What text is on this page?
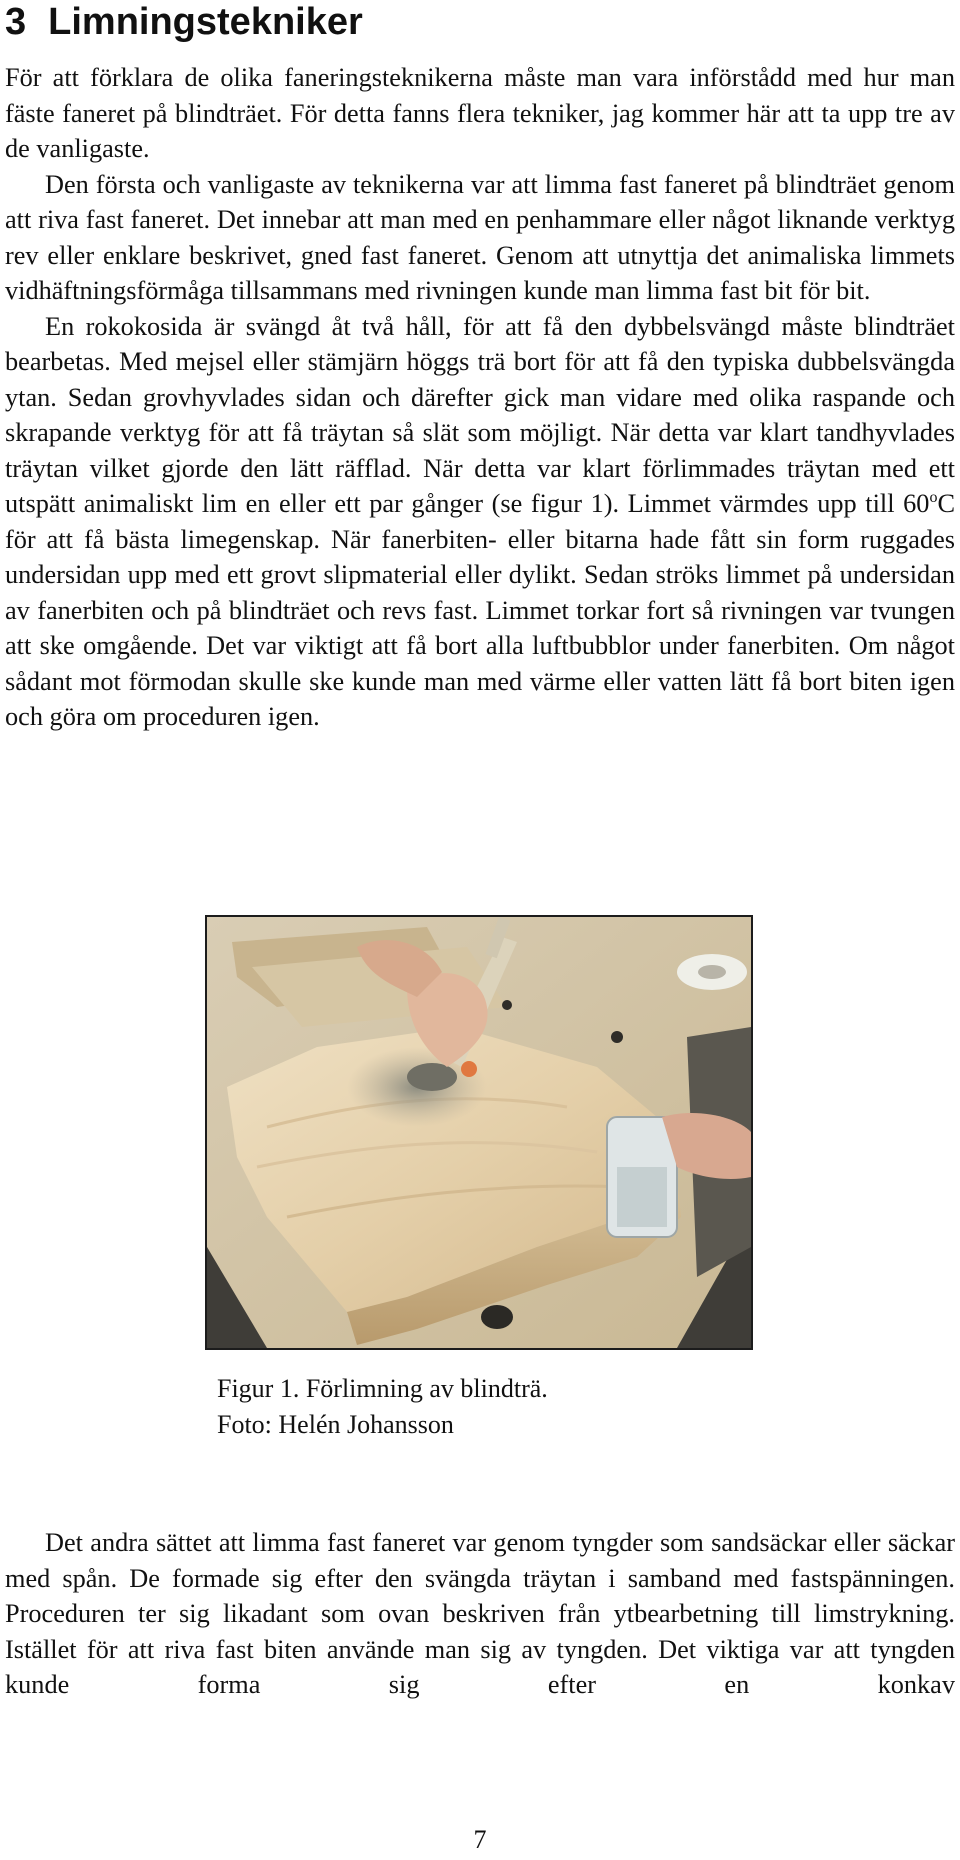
3 Limningstekniker

För att förklara de olika faneringsteknikerna måste man vara införstådd med hur man fäste faneret på blindträet. För detta fanns flera tekniker, jag kommer här att ta upp tre av de vanligaste.

Den första och vanligaste av teknikerna var att limma fast faneret på blindträet genom att riva fast faneret. Det innebar att man med en penhammare eller något liknande verktyg rev eller enklare beskrivet, gned fast faneret. Genom att utnyttja det animaliska limmets vidhäftningsförmåga tillsammans med rivningen kunde man limma fast bit för bit.

En rokokosida är svängd åt två håll, för att få den dybbelsvängd måste blindträet bearbetas. Med mejsel eller stämjärn höggs trä bort för att få den typiska dubbelsvängda ytan. Sedan grovhyvlades sidan och därefter gick man vidare med olika raspande och skrapande verktyg för att få träytan så slät som möjligt. När detta var klart tandhyvlades träytan vilket gjorde den lätt räfflad. När detta var klart förlimmades träytan med ett utspätt animaliskt lim en eller ett par gånger (se figur 1). Limmet värmdes upp till 60$^o$C för att få bästa limegenskap. När fanerbiten- eller bitarna hade fått sin form ruggades undersidan upp med ett grovt slipmaterial eller dylikt. Sedan ströks limmet på undersidan av fanerbiten och på blindträet och revs fast. Limmet torkar fort så rivningen var tvungen att ske omgående. Det var viktigt att få bort alla luftbubblor under fanerbiten. Om något sådant mot förmodan skulle ske kunde man med värme eller vatten lätt få bort biten igen och göra om proceduren igen.

Figur 1. Förlimning av blindträ.
Foto: Helén Johansson

Det andra sättet att limma fast faneret var genom tyngder som sandsäckar eller säckar med spån. De formade sig efter den svängda träytan i samband med fastspänningen. Proceduren ter sig likadant som ovan beskriven från ytbearbetning till limstrykning. Istället för att riva fast biten använde man sig av tyngden. Det viktiga var att tyngden kunde forma sig efter en konkav

7
